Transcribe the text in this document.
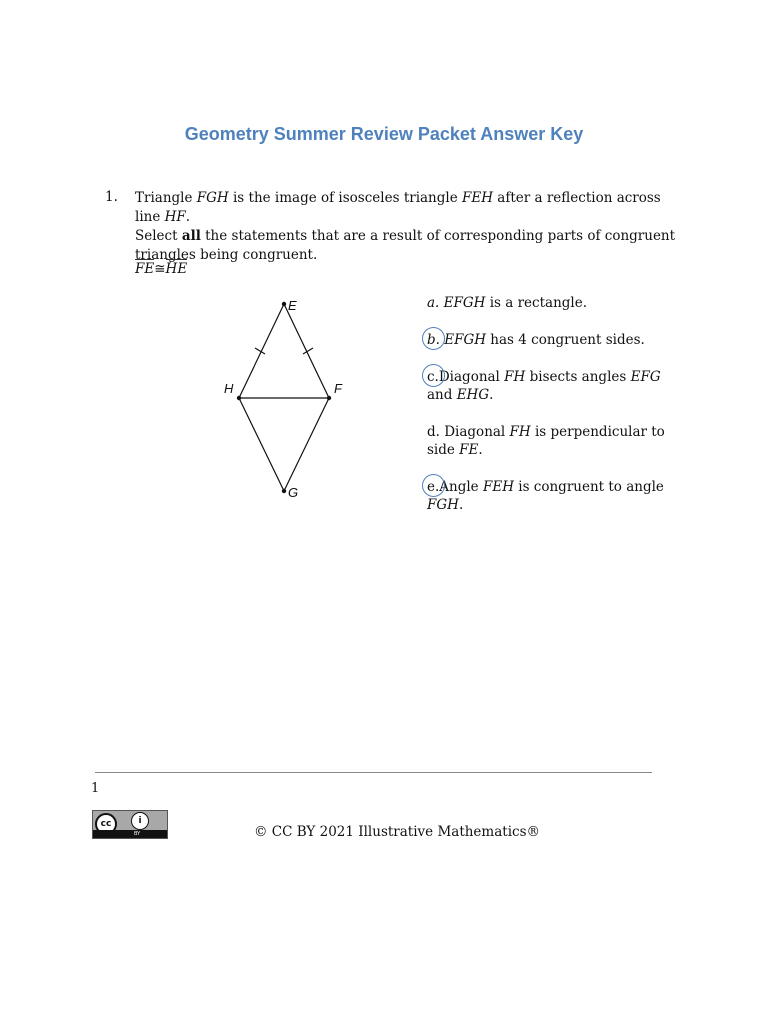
Geometry Summer Review Packet Answer Key
1. Triangle FGH is the image of isosceles triangle FEH after a reflection across line HF.

Select all the statements that are a result of corresponding parts of congruent triangles being congruent.

FE≅HE
E
H	F
G
a. EFGH is a rectangle.
b.
EFGH has 4 congruent sides.
c.
Diagonal FH bisects angles EFG and EHG.
d. Diagonal FH is perpendicular to side FE.
e.
Angle FEH is congruent to angle FGH.
1
cc	i
BY	© CC BY 2021 Illustrative Mathematics®
